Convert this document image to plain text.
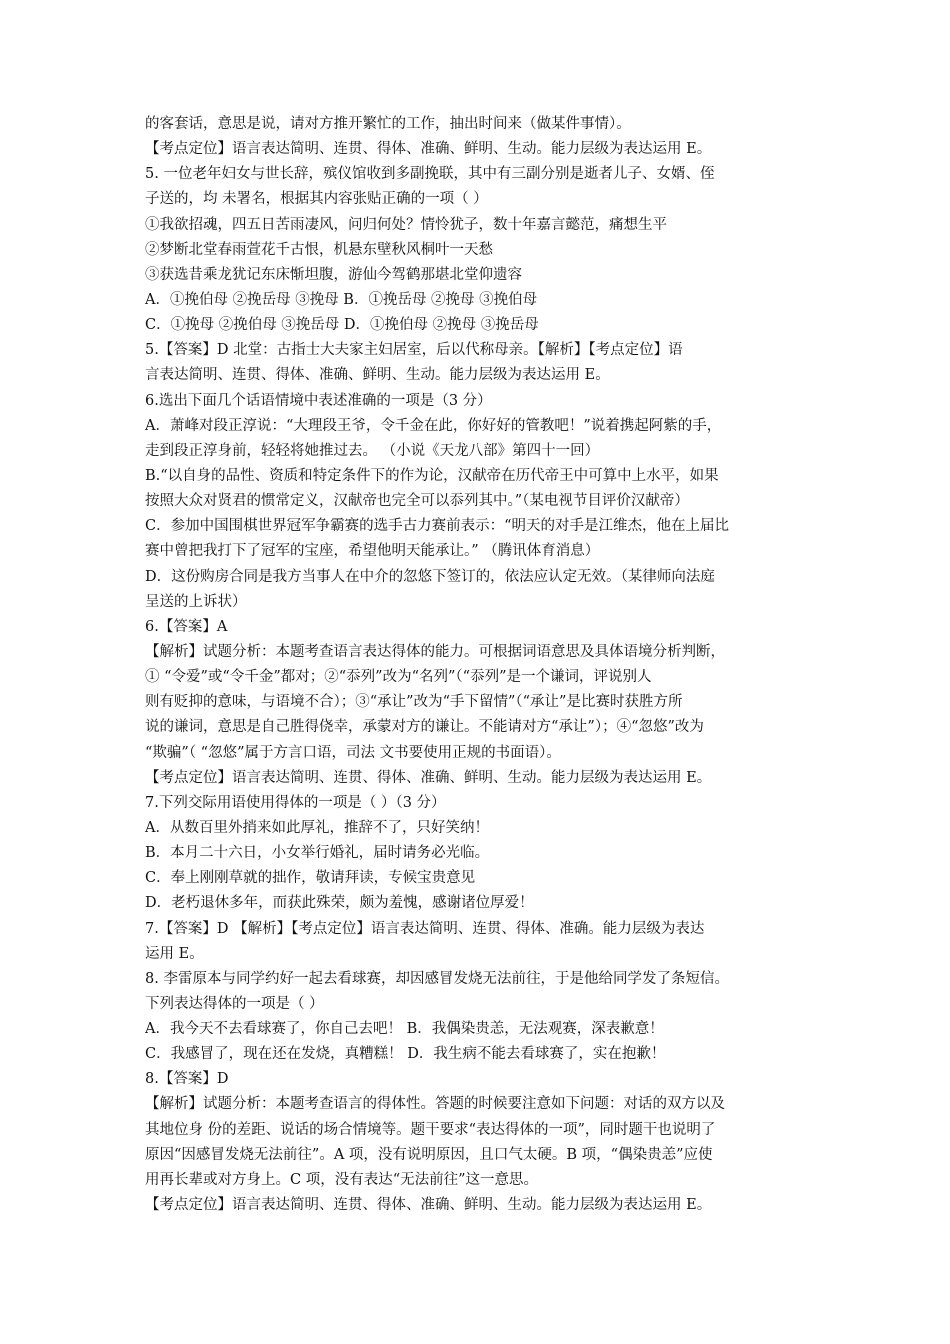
的客套话，意思是说，请对方推开繁忙的工作，抽出时间来（做某件事情）。
【考点定位】语言表达简明、连贯、得体、准确、鲜明、生动。能力层级为表达运用 E。
5. 一位老年妇女与世长辞，殡仪馆收到多副挽联，其中有三副分别是逝者儿子、女婿、侄
子送的，均 未署名，根据其内容张贴正确的一项（ ）
①我欲招魂，四五日苦雨凄风，问归何处？情怜犹子，数十年嘉言懿范，痛想生平
②梦断北堂春雨萱花千古恨，机悬东壁秋风桐叶一天愁
③获选昔乘龙犹记东床惭坦腹，游仙今驾鹤那堪北堂仰遗容
A．①挽伯母 ②挽岳母 ③挽母 B．①挽岳母 ②挽母 ③挽伯母
C．①挽母 ②挽伯母 ③挽岳母 D．①挽伯母 ②挽母 ③挽岳母
5.【答案】D 北堂：古指士大夫家主妇居室，后以代称母亲。【解析】【考点定位】语
言表达简明、连贯、得体、准确、鲜明、生动。能力层级为表达运用 E。
6.选出下面几个话语情境中表述准确的一项是（3 分）
A．萧峰对段正淳说：“大理段王爷，令千金在此，你好好的管教吧！”说着携起阿紫的手，
走到段正淳身前，轻轻将她推过去。 （小说《天龙八部》第四十一回）
B.“以自身的品性、资质和特定条件下的作为论，汉献帝在历代帝王中可算中上水平，如果
按照大众对贤君的惯常定义，汉献帝也完全可以忝列其中。”（某电视节目评价汉献帝）
C．参加中国围棋世界冠军争霸赛的选手古力赛前表示：“明天的对手是江维杰，他在上届比
赛中曾把我打下了冠军的宝座，希望他明天能承让。” （腾讯体育消息）
D．这份购房合同是我方当事人在中介的忽悠下签订的，依法应认定无效。（某律师向法庭
呈送的上诉状）
6.【答案】A
【解析】试题分析：本题考查语言表达得体的能力。可根据词语意思及具体语境分析判断，
① “令爱”或“令千金”都对；②“忝列”改为“名列”（“忝列”是一个谦词，评说别人
则有贬抑的意味，与语境不合）；③“承让”改为“手下留情”（“承让”是比赛时获胜方所
说的谦词，意思是自己胜得侥幸，承蒙对方的谦让。不能请对方“承让”）；④“忽悠”改为
“欺骗”（ “忽悠”属于方言口语，司法 文书要使用正规的书面语）。
【考点定位】语言表达简明、连贯、得体、准确、鲜明、生动。能力层级为表达运用 E。
7.下列交际用语使用得体的一项是（ ）（3 分）
A．从数百里外捎来如此厚礼，推辞不了，只好笑纳！
B．本月二十六日，小女举行婚礼，届时请务必光临。
C．奉上刚刚草就的拙作，敬请拜读，专候宝贵意见
D．老朽退休多年，而获此殊荣，颇为羞愧，感谢诸位厚爱！
7.【答案】D 【解析】【考点定位】语言表达简明、连贯、得体、准确。能力层级为表达
运用 E。
8. 李雷原本与同学约好一起去看球赛，却因感冒发烧无法前往，于是他给同学发了条短信。
下列表达得体的一项是（ ）
A．我今天不去看球赛了，你自己去吧！ B．我偶染贵恙，无法观赛，深表歉意！
C．我感冒了，现在还在发烧，真糟糕！ D．我生病不能去看球赛了，实在抱歉！
8.【答案】D
【解析】试题分析：本题考查语言的得体性。答题的时候要注意如下问题：对话的双方以及
其地位身 份的差距、说话的场合情境等。题干要求“表达得体的一项”，同时题干也说明了
原因“因感冒发烧无法前往”。A 项，没有说明原因，且口气太硬。B 项，“偶染贵恙”应使
用再长辈或对方身上。C 项，没有表达“无法前往”这一意思。
【考点定位】语言表达简明、连贯、得体、准确、鲜明、生动。能力层级为表达运用 E。
